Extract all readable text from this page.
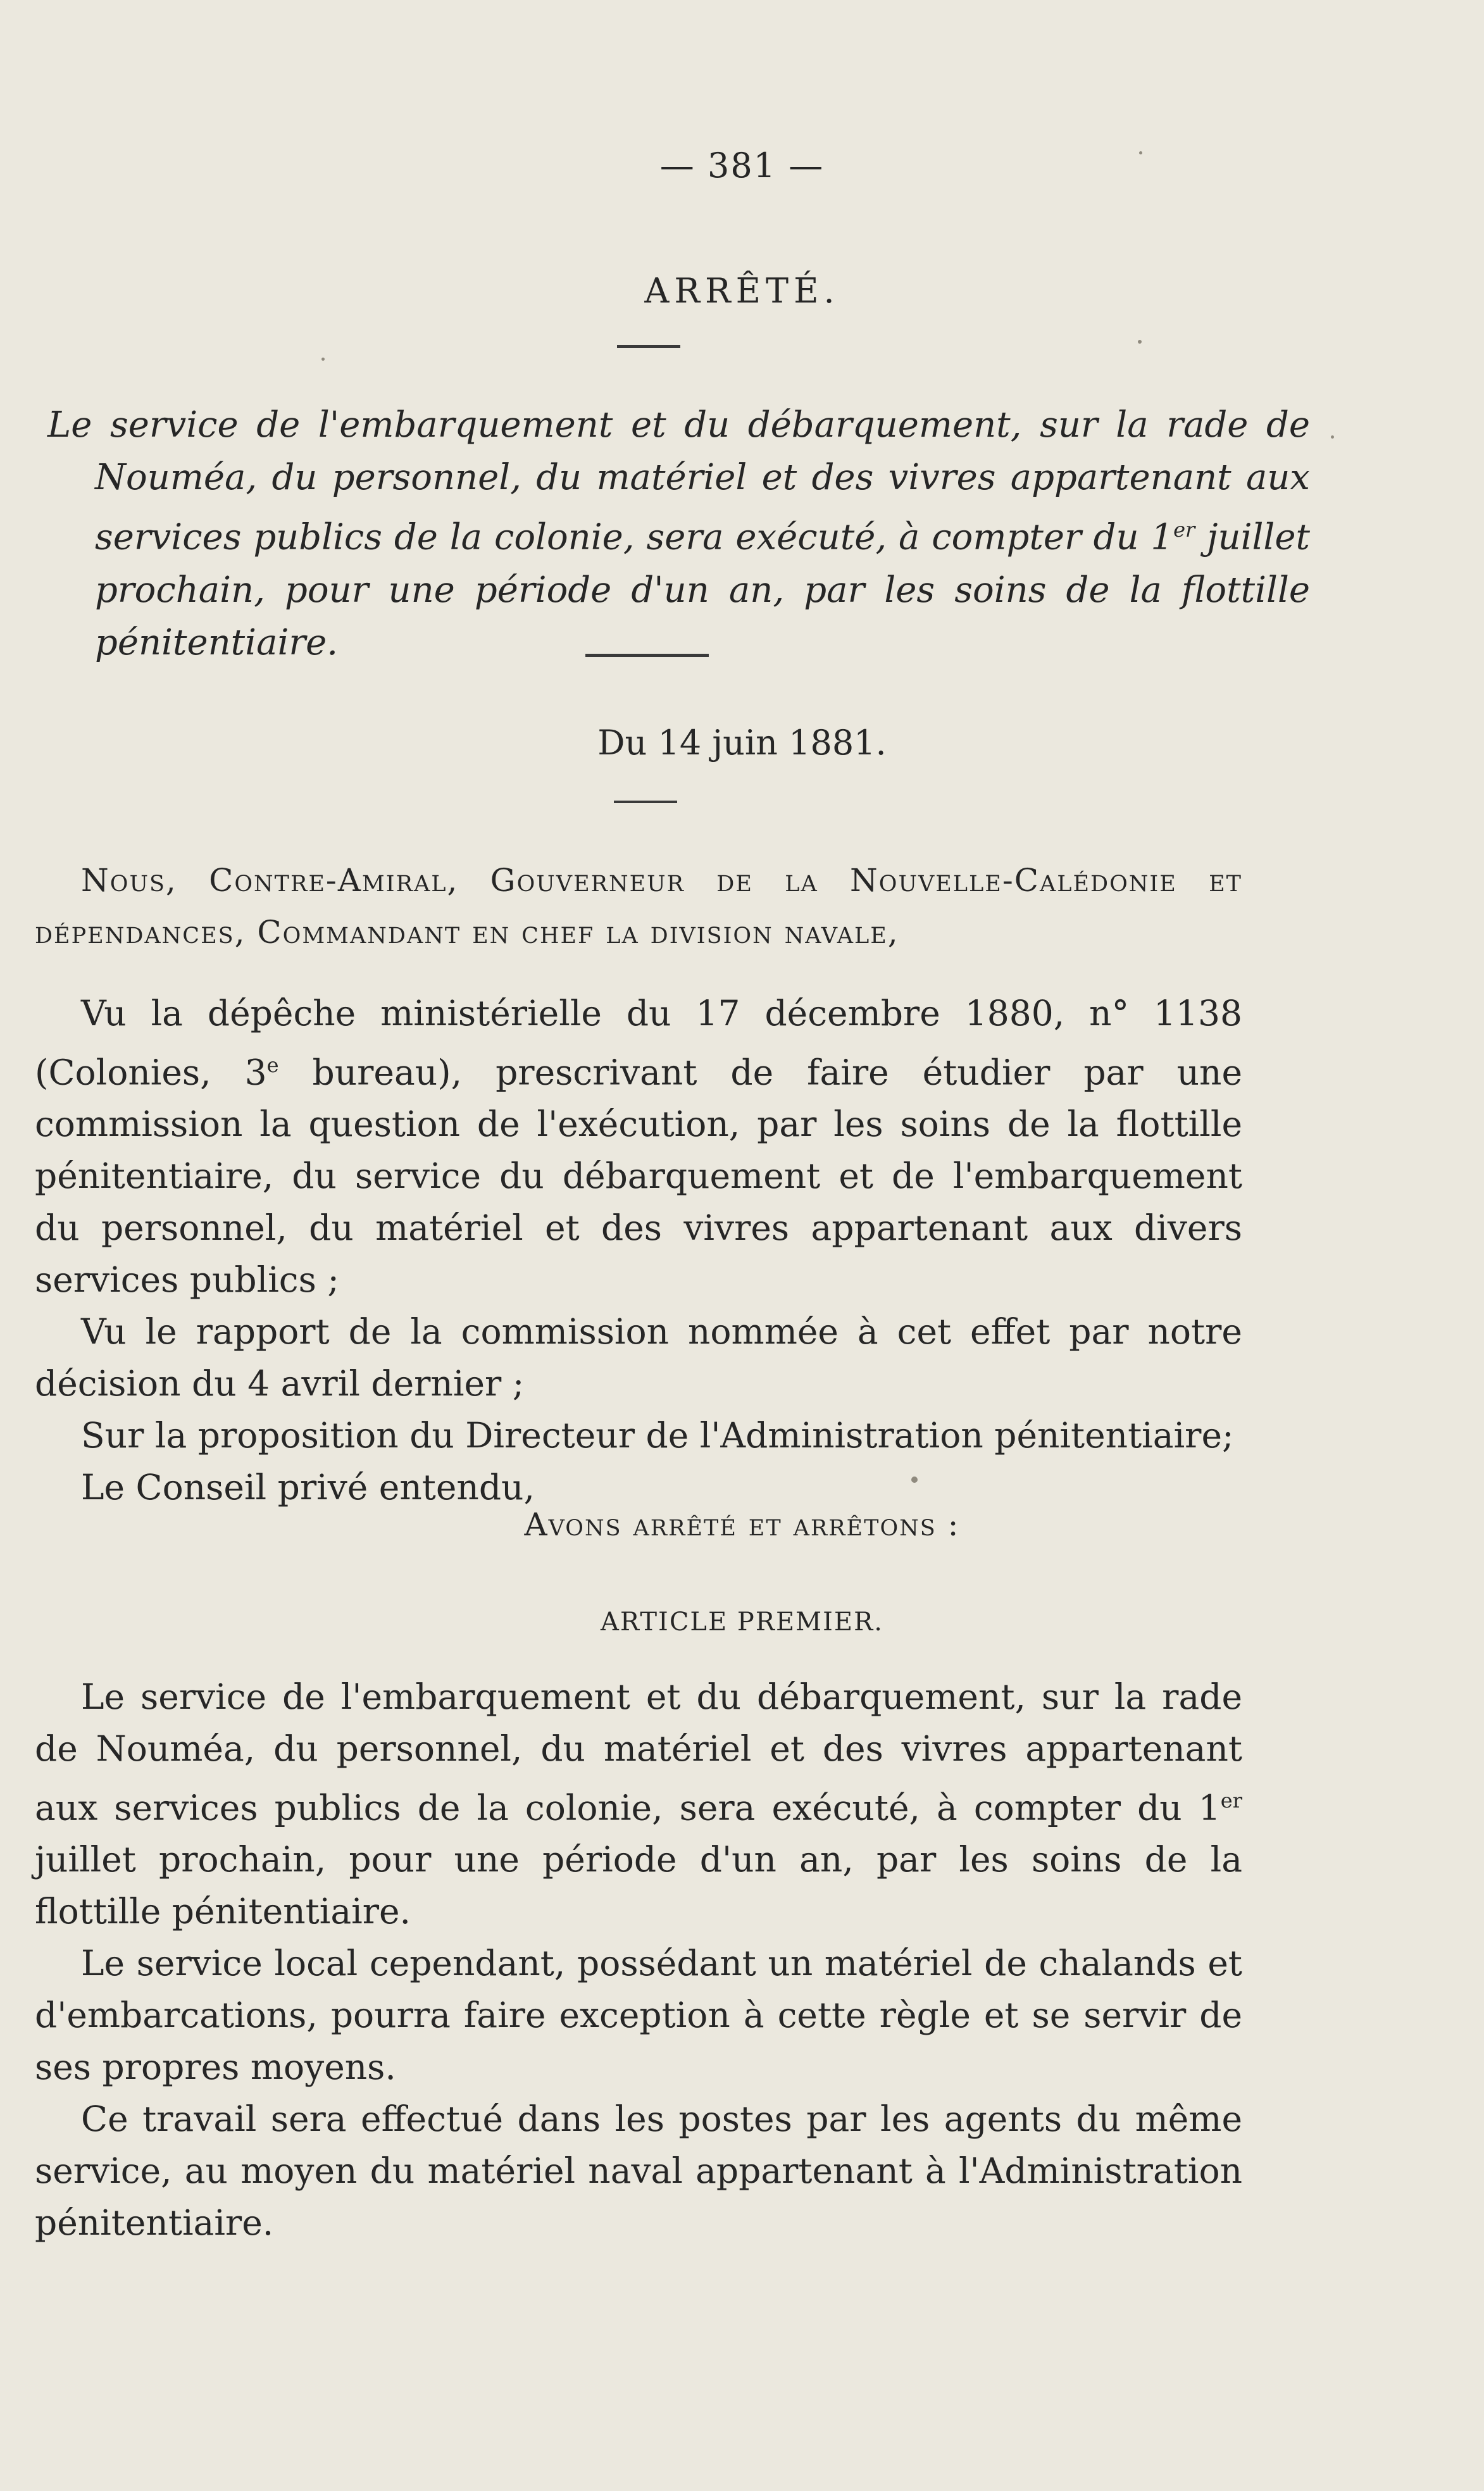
— 381 —
ARRÊTÉ.
Le service de l'embarquement et du débarquement, sur la rade de Nouméa, du personnel, du matériel et des vivres appartenant aux services publics de la colonie, sera exécuté, à compter du 1er juillet prochain, pour une période d'un an, par les soins de la flottille pénitentiaire.
Du 14 juin 1881.

Nous, Contre-Amiral, Gouverneur de la Nouvelle-Calédonie et dépendances, Commandant en chef la division navale,

Vu la dépêche ministérielle du 17 décembre 1880, n° 1138 (Colonies, 3e bureau), prescrivant de faire étudier par une commission la question de l'exécution, par les soins de la flottille pénitentiaire, du service du débarquement et de l'embarquement du personnel, du matériel et des vivres appartenant aux divers services publics ;

Vu le rapport de la commission nommée à cet effet par notre décision du 4 avril dernier ;

Sur la proposition du Directeur de l'Administration pénitentiaire;

Le Conseil privé entendu,

Avons arrêté et arrêtons :
ARTICLE PREMIER.

Le service de l'embarquement et du débarquement, sur la rade de Nouméa, du personnel, du matériel et des vivres appartenant aux services publics de la colonie, sera exécuté, à compter du 1er juillet prochain, pour une période d'un an, par les soins de la flottille pénitentiaire.

Le service local cependant, possédant un matériel de chalands et d'embarcations, pourra faire exception à cette règle et se servir de ses propres moyens.

Ce travail sera effectué dans les postes par les agents du même service, au moyen du matériel naval appartenant à l'Administration pénitentiaire.
